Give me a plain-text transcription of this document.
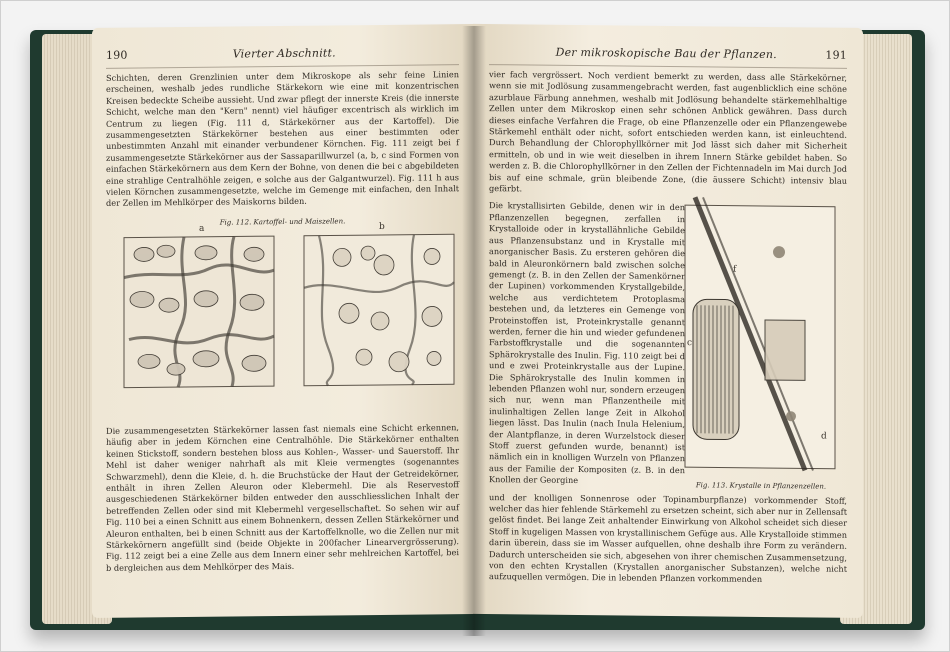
190	Vierter Abschnitt.

Schichten, deren Grenzlinien unter dem Mikroskope als sehr feine Linien erscheinen, weshalb jedes rundliche Stärkekorn wie eine mit konzentrischen Kreisen bedeckte Scheibe aussieht. Und zwar pflegt der innerste Kreis (die innerste Schicht, welche man den "Kern" nennt) viel häufiger excentrisch als wirklich im Centrum zu liegen (Fig. 111 d, Stärkekörner aus der Kartoffel). Die zusammengesetzten Stärkekörner bestehen aus einer bestimmten oder unbestimmten Anzahl mit einander verbundener Körnchen. Fig. 111 zeigt bei f zusammengesetzte Stärkekörner aus der Sassaparillwurzel (a, b, c sind Formen von einfachen Stärkekörnern aus dem Kern der Bohne, von denen die bei c abgebildeten eine strahlige Centralhöhle zeigen, e solche aus der Galgantwurzel). Fig. 111 h aus vielen Körnchen zusammengesetzte, welche im Gemenge mit einfachen, den Inhalt der Zellen im Mehlkörper des Maiskorns bilden.

a	b
Fig. 112. Kartoffel- und Maiszellen.

Die zusammengesetzten Stärkekörner lassen fast niemals eine Schicht erkennen, häufig aber in jedem Körnchen eine Centralhöhle. Die Stärkekörner enthalten keinen Stickstoff, sondern bestehen bloss aus Kohlen-, Wasser- und Sauerstoff. Ihr Mehl ist daher weniger nahrhaft als mit Kleie vermengtes (sogenanntes Schwarzmehl), denn die Kleie, d. h. die Bruchstücke der Haut der Getreidekörner, enthält in ihren Zellen Aleuron oder Klebermehl. Die als Reservestoff ausgeschiedenen Stärkekörner bilden entweder den ausschliesslichen Inhalt der betreffenden Zellen oder sind mit Klebermehl vergesellschaftet. So sehen wir auf Fig. 110 bei a einen Schnitt aus einem Bohnenkern, dessen Zellen Stärkekörner und Aleuron enthalten, bei b einen Schnitt aus der Kartoffelknolle, wo die Zellen nur mit Stärkekörnern angefüllt sind (beide Objekte in 200facher Linearvergrösserung). Fig. 112 zeigt bei a eine Zelle aus dem Innern einer sehr mehlreichen Kartoffel, bei b dergleichen aus dem Mehlkörper des Mais.

Der mikroskopische Bau der Pflanzen.	191

vier fach vergrössert. Noch verdient bemerkt zu werden, dass alle Stärkekörner, wenn sie mit Jodlösung zusammengebracht werden, fast augenblicklich eine schöne azurblaue Färbung annehmen, weshalb mit Jodlösung behandelte stärkemehlhaltige Zellen unter dem Mikroskop einen sehr schönen Anblick gewähren. Dass durch dieses einfache Verfahren die Frage, ob eine Pflanzenzelle oder ein Pflanzengewebe Stärkemehl enthält oder nicht, sofort entschieden werden kann, ist einleuchtend. Durch Behandlung der Chlorophyllkörner mit Jod lässt sich daher mit Sicherheit ermitteln, ob und in wie weit dieselben in ihrem Innern Stärke gebildet haben. So werden z. B. die Chlorophyllkörner in den Zellen der Fichtennadeln im Mai durch Jod bis auf eine schmale, grün bleibende Zone, (die äussere Schicht) intensiv blau gefärbt.

Die krystallisirten Gebilde, denen wir in den Pflanzenzellen begegnen, zerfallen in Krystalloide oder in krystallähnliche Gebilde aus Pflanzensubstanz und in Krystalle mit anorganischer Basis. Zu ersteren gehören die bald in Aleuronkörnern bald zwischen solche gemengt (z. B. in den Zellen der Samenkörner der Lupinen) vorkommenden Krystallgebilde, welche aus verdichtetem Protoplasma bestehen und, da letzteres ein Gemenge von Proteinstoffen ist, Proteinkrystalle genannt werden, ferner die hin und wieder gefundenen Farbstoffkrystalle und die sogenannten Sphärokrystalle des Inulin. Fig. 110 zeigt bei d und e zwei Proteinkrystalle aus der Lupine. Die Sphärokrystalle des Inulin kommen in lebenden Pflanzen wohl nur, sondern erzeugen sich nur, wenn man Pflanzentheile mit inulinhaltigen Zellen lange Zeit in Alkohol liegen lässt. Das Inulin (nach Inula Helenium, der Alantpflanze, in deren Wurzelstock dieser Stoff zuerst gefunden wurde, benannt) ist nämlich ein in knolligen Wurzeln von Pflanzen aus der Familie der Kompositen (z. B. in den Knollen der Georgine

f
c
d
Fig. 113. Krystalle in Pflanzenzellen.

und der knolligen Sonnenrose oder Topinamburpflanze) vorkommender Stoff, welcher das hier fehlende Stärkemehl zu ersetzen scheint, sich aber nur in Zellensaft gelöst findet. Bei lange Zeit anhaltender Einwirkung von Alkohol scheidet sich dieser Stoff in kugeligen Massen von krystallinischem Gefüge aus. Alle Krystalloide stimmen darin überein, dass sie im Wasser aufquellen, ohne deshalb ihre Form zu verändern. Dadurch unterscheiden sie sich, abgesehen von ihrer chemischen Zusammensetzung, von den echten Krystallen (Krystallen anorganischer Substanzen), welche nicht aufzuquellen vermögen. Die in lebenden Pflanzen vorkommenden
